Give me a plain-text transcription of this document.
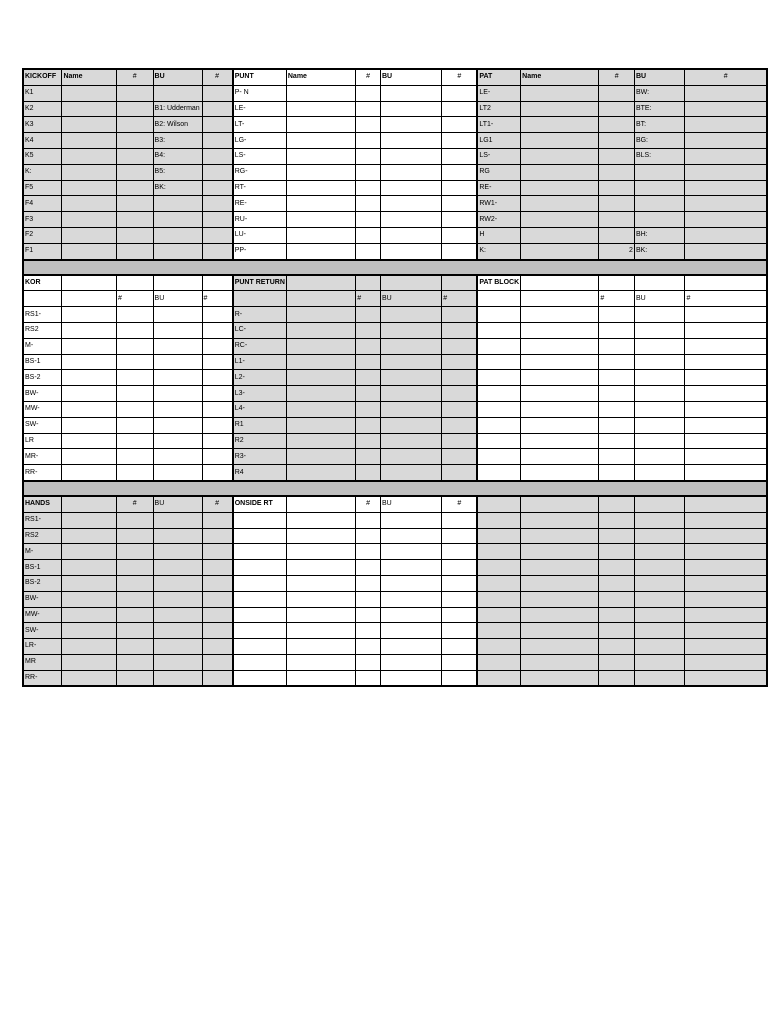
KICKOFF	Name	#	BU	#	PUNT	Name	#	BU	#	PAT	Name	#	BU	#
K1					P- N					LE-			BW:	
K2			B1: Udderman		LE-					LT2			BTE:	
K3			B2: Wilson		LT-					LT1-			BT:	
K4			B3:		LG-					LG1			BG:	
K5			B4:		LS-					LS-			BLS:	
K:			B5:		RG-					RG				
F5			BK:		RT-					RE-				
F4					RE-					RW1-				
F3					RU-					RW2-				
F2					LU-					H			BH:	
F1					PP-					K:		2	BK:	

KOR					PUNT RETURN					PAT BLOCK				
		#	BU	#			#	BU	#			#	BU	#
RS1-					R-									
RS2					LC-									
M-					RC-									
BS-1					L1-									
BS-2					L2-									
BW-					L3-									
MW-					L4-									
SW-					R1									
LR					R2									
MR-					R3-									
RR-					R4									

HANDS		#	BU	#	ONSIDE RT		#	BU	#					
RS1-														
RS2														
M-														
BS-1														
BS-2														
BW-														
MW-														
SW-														
LR-														
MR														
RR-														
